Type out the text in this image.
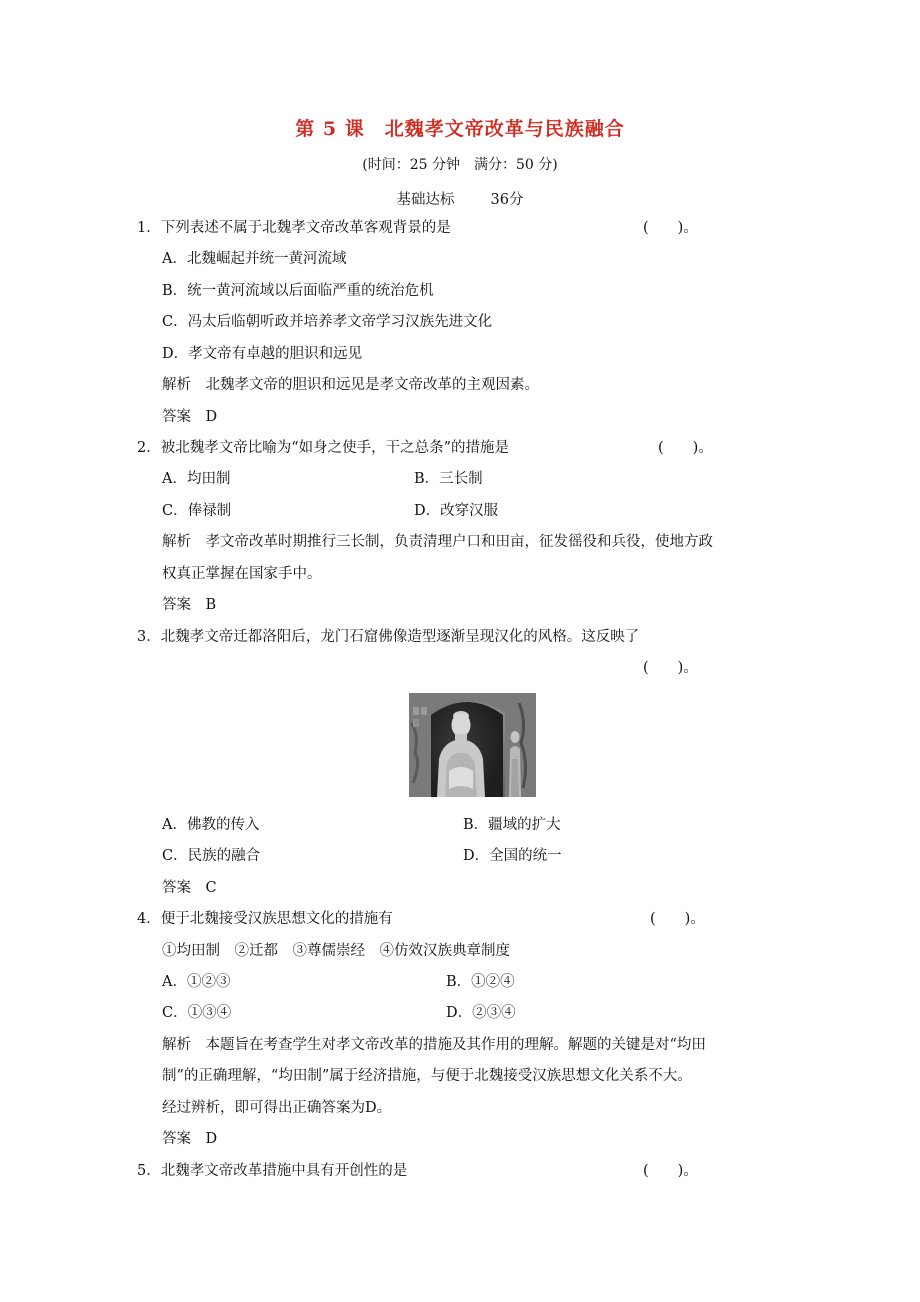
第 5 课　北魏孝文帝改革与民族融合
(时间：25 分钟　满分：50 分)
基础达标 36分
1．下列表述不属于北魏孝文帝改革客观背景的是	(　　)。
A．北魏崛起并统一黄河流域
B．统一黄河流域以后面临严重的统治危机
C．冯太后临朝听政并培养孝文帝学习汉族先进文化
D．孝文帝有卓越的胆识和远见
解析　北魏孝文帝的胆识和远见是孝文帝改革的主观因素。
答案　D
2．被北魏孝文帝比喻为“如身之使手，干之总条”的措施是	(　　)。
A．均田制	B．三长制
C．俸禄制	D．改穿汉服
解析　孝文帝改革时期推行三长制，负责清理户口和田亩，征发徭役和兵役，使地方政
权真正掌握在国家手中。
答案　B
3．北魏孝文帝迁都洛阳后，龙门石窟佛像造型逐渐呈现汉化的风格。这反映了
(　　)。
A．佛教的传入	B．疆域的扩大
C．民族的融合	D．全国的统一
答案　C
4．便于北魏接受汉族思想文化的措施有	(　　)。
①均田制　②迁都　③尊儒崇经　④仿效汉族典章制度
A．①②③	B．①②④
C．①③④	D．②③④
解析　本题旨在考查学生对孝文帝改革的措施及其作用的理解。解题的关键是对“均田
制”的正确理解，“均田制”属于经济措施，与便于北魏接受汉族思想文化关系不大。
经过辨析，即可得出正确答案为D。
答案　D
5．北魏孝文帝改革措施中具有开创性的是	(　　)。
